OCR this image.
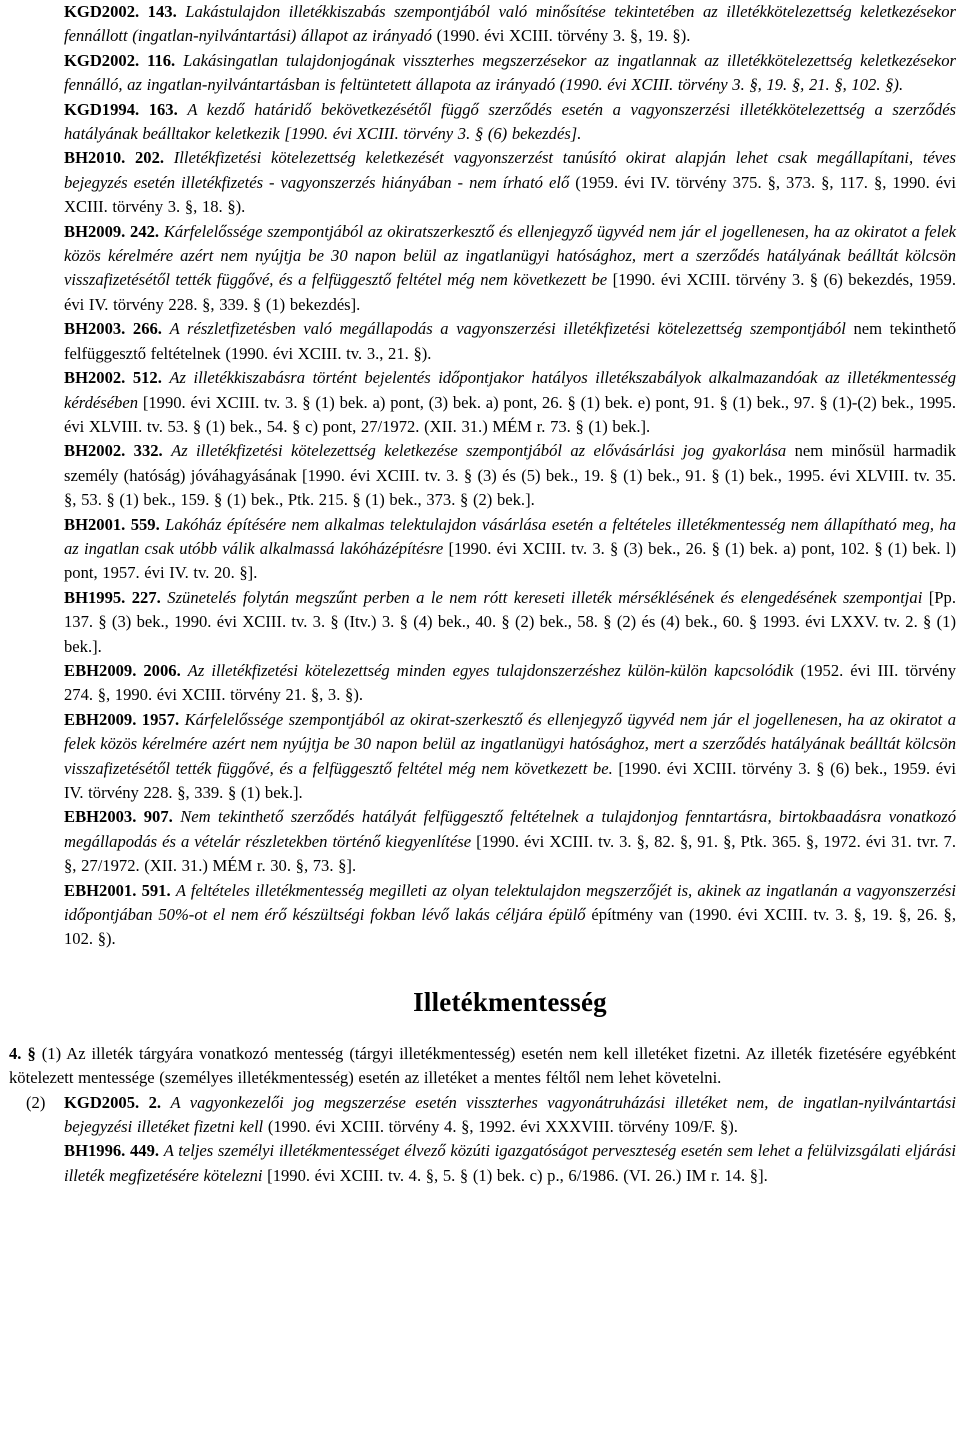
KGD2002. 143. Lakástulajdon illetékkiszabás szempontjából való minősítése tekintetében az illetékkötelezettség keletkezésekor fennállott (ingatlan-nyilvántartási) állapot az irányadó (1990. évi XCIII. törvény 3. §, 19. §).

KGD2002. 116. Lakásingatlan tulajdonjogának visszterhes megszerzésekor az ingatlannak az illetékkötelezettség keletkezésekor fennálló, az ingatlan-nyilvántartásban is feltüntetett állapota az irányadó (1990. évi XCIII. törvény 3. §, 19. §, 21. §, 102. §).

KGD1994. 163. A kezdő határidő bekövetkezésétől függő szerződés esetén a vagyonszerzési illetékkötelezettség a szerződés hatályának beálltakor keletkezik [1990. évi XCIII. törvény 3. § (6) bekezdés].

BH2010. 202. Illetékfizetési kötelezettség keletkezését vagyonszerzést tanúsító okirat alapján lehet csak megállapítani, téves bejegyzés esetén illetékfizetés - vagyonszerzés hiányában - nem írható elő (1959. évi IV. törvény 375. §, 373. §, 117. §, 1990. évi XCIII. törvény 3. §, 18. §).

BH2009. 242. Kárfelelőssége szempontjából az okiratszerkesztő és ellenjegyző ügyvéd nem jár el jogellenesen, ha az okiratot a felek közös kérelmére azért nem nyújtja be 30 napon belül az ingatlanügyi hatósághoz, mert a szerződés hatályának beálltát kölcsön visszafizetésétől tették függővé, és a felfüggesztő feltétel még nem következett be [1990. évi XCIII. törvény 3. § (6) bekezdés, 1959. évi IV. törvény 228. §, 339. § (1) bekezdés].

BH2003. 266. A részletfizetésben való megállapodás a vagyonszerzési illetékfizetési kötelezettség szempontjából nem tekinthető felfüggesztő feltételnek (1990. évi XCIII. tv. 3., 21. §).

BH2002. 512. Az illetékkiszabásra történt bejelentés időpontjakor hatályos illetékszabályok alkalmazandóak az illetékmentesség kérdésében [1990. évi XCIII. tv. 3. § (1) bek. a) pont, (3) bek. a) pont, 26. § (1) bek. e) pont, 91. § (1) bek., 97. § (1)-(2) bek., 1995. évi XLVIII. tv. 53. § (1) bek., 54. § c) pont, 27/1972. (XII. 31.) MÉM r. 73. § (1) bek.].

BH2002. 332. Az illetékfizetési kötelezettség keletkezése szempontjából az elővásárlási jog gyakorlása nem minősül harmadik személy (hatóság) jóváhagyásának [1990. évi XCIII. tv. 3. § (3) és (5) bek., 19. § (1) bek., 91. § (1) bek., 1995. évi XLVIII. tv. 35. §, 53. § (1) bek., 159. § (1) bek., Ptk. 215. § (1) bek., 373. § (2) bek.].

BH2001. 559. Lakóház építésére nem alkalmas telektulajdon vásárlása esetén a feltételes illetékmentesség nem állapítható meg, ha az ingatlan csak utóbb válik alkalmassá lakóházépítésre [1990. évi XCIII. tv. 3. § (3) bek., 26. § (1) bek. a) pont, 102. § (1) bek. l) pont, 1957. évi IV. tv. 20. §].

BH1995. 227. Szünetelés folytán megszűnt perben a le nem rótt kereseti illeték mérséklésének és elengedésének szempontjai [Pp. 137. § (3) bek., 1990. évi XCIII. tv. 3. § (Itv.) 3. § (4) bek., 40. § (2) bek., 58. § (2) és (4) bek., 60. § 1993. évi LXXV. tv. 2. § (1) bek.].

EBH2009. 2006. Az illetékfizetési kötelezettség minden egyes tulajdonszerzéshez külön-külön kapcsolódik (1952. évi III. törvény 274. §, 1990. évi XCIII. törvény 21. §, 3. §).

EBH2009. 1957. Kárfelelőssége szempontjából az okirat-szerkesztő és ellenjegyző ügyvéd nem jár el jogellenesen, ha az okiratot a felek közös kérelmére azért nem nyújtja be 30 napon belül az ingatlanügyi hatósághoz, mert a szerződés hatályának beálltát kölcsön visszafizetésétől tették függővé, és a felfüggesztő feltétel még nem következett be. [1990. évi XCIII. törvény 3. § (6) bek., 1959. évi IV. törvény 228. §, 339. § (1) bek.].

EBH2003. 907. Nem tekinthető szerződés hatályát felfüggesztő feltételnek a tulajdonjog fenntartásra, birtokbaadásra vonatkozó megállapodás és a vételár részletekben történő kiegyenlítése [1990. évi XCIII. tv. 3. §, 82. §, 91. §, Ptk. 365. §, 1972. évi 31. tvr. 7. §, 27/1972. (XII. 31.) MÉM r. 30. §, 73. §].

EBH2001. 591. A feltételes illetékmentesség megilleti az olyan telektulajdon megszerzőjét is, akinek az ingatlanán a vagyonszerzési időpontjában 50%-ot el nem érő készültségi fokban lévő lakás céljára épülő építmény van (1990. évi XCIII. tv. 3. §, 19. §, 26. §, 102. §).

Illetékmentesség

4. § (1) Az illeték tárgyára vonatkozó mentesség (tárgyi illetékmentesség) esetén nem kell illetéket fizetni. Az illeték fizetésére egyébként kötelezett mentessége (személyes illetékmentesség) esetén az illetéket a mentes féltől nem lehet követelni.

(2)	KGD2005. 2. A vagyonkezelői jog megszerzése esetén visszterhes vagyonátruházási illetéket nem, de ingatlan-nyilvántartási bejegyzési illetéket fizetni kell (1990. évi XCIII. törvény 4. §, 1992. évi XXXVIII. törvény 109/F. §).

BH1996. 449. A teljes személyi illetékmentességet élvező közúti igazgatóságot perveszteség esetén sem lehet a felülvizsgálati eljárási illeték megfizetésére kötelezni [1990. évi XCIII. tv. 4. §, 5. § (1) bek. c) p., 6/1986. (VI. 26.) IM r. 14. §].
